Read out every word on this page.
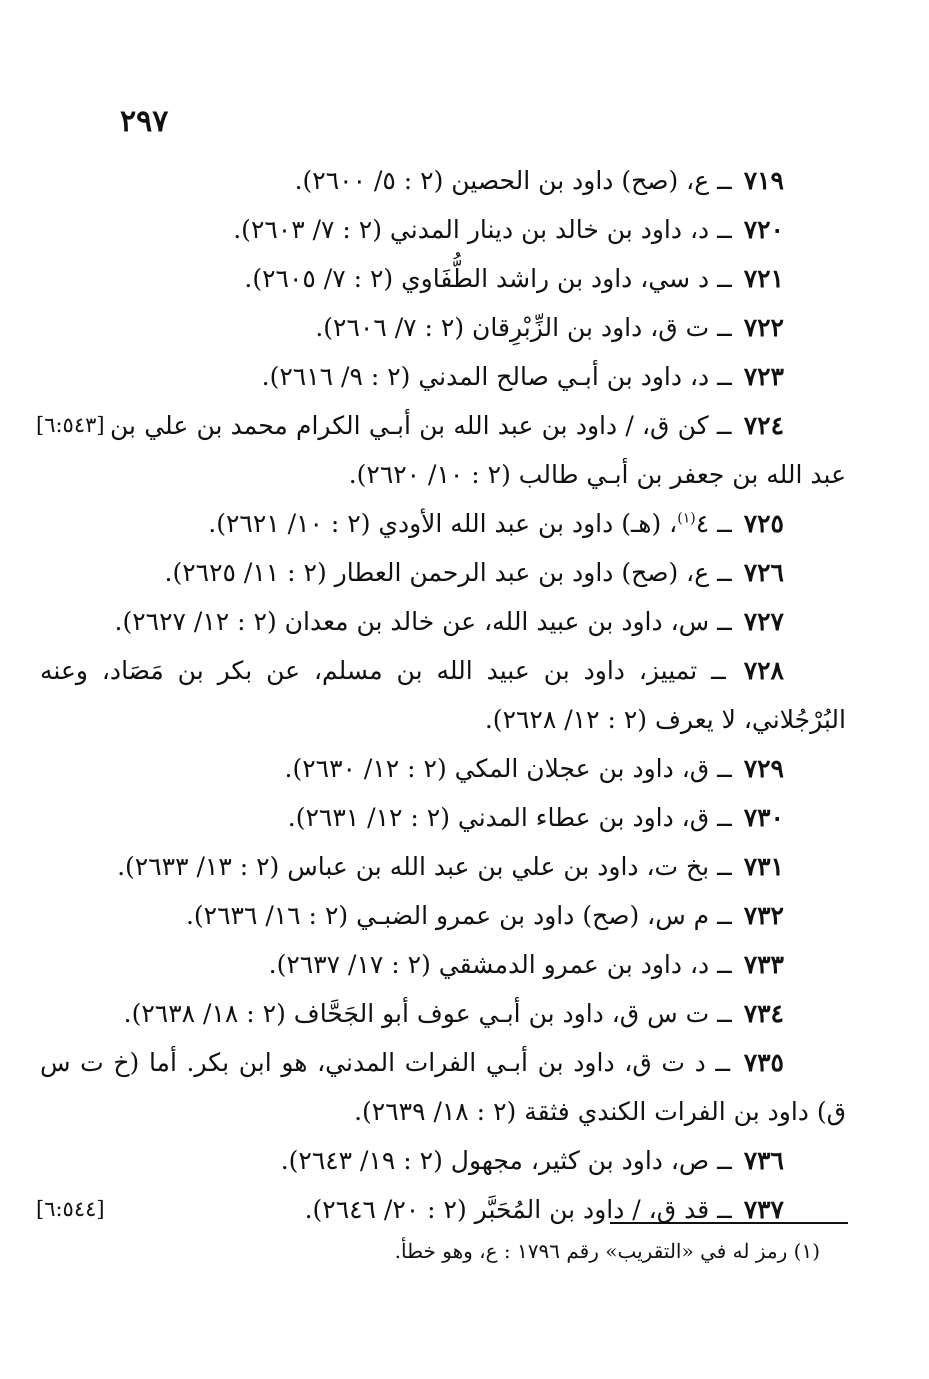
٢٩٧
٧١٩ ــ ع، (صح) داود بن الحصين (٢ : ٥/ ٢٦٠٠).
٧٢٠ ــ د، داود بن خالد بن دينار المدني (٢ : ٧/ ٢٦٠٣).
٧٢١ ــ د سي، داود بن راشد الطُّفَاوي (٢ : ٧/ ٢٦٠٥).
٧٢٢ ــ ت ق، داود بن الزِّبْرِقان (٢ : ٧/ ٢٦٠٦).
٧٢٣ ــ د، داود بن أبـي صالح المدني (٢ : ٩/ ٢٦١٦).
[٦:٥٤٣]	٧٢٤ ــ كن ق، / داود بن عبد الله بن أبـي الكرام محمد بن علي بن عبد الله بن جعفر بن أبـي طالب (٢ : ١٠/ ٢٦٢٠).
٧٢٥ ــ ٤$^{(١)}$، (هـ) داود بن عبد الله الأودي (٢ : ١٠/ ٢٦٢١).
٧٢٦ ــ ع، (صح) داود بن عبد الرحمن العطار (٢ : ١١/ ٢٦٢٥).
٧٢٧ ــ س، داود بن عبيد الله، عن خالد بن معدان (٢ : ١٢/ ٢٦٢٧).
٧٢٨ ــ تمييز، داود بن عبيد الله بن مسلم، عن بكر بن مَصَاد، وعنه البُرْجُلاني، لا يعرف (٢ : ١٢/ ٢٦٢٨).
٧٢٩ ــ ق، داود بن عجلان المكي (٢ : ١٢/ ٢٦٣٠).
٧٣٠ ــ ق، داود بن عطاء المدني (٢ : ١٢/ ٢٦٣١).
٧٣١ ــ بخ ت، داود بن علي بن عبد الله بن عباس (٢ : ١٣/ ٢٦٣٣).
٧٣٢ ــ م س، (صح) داود بن عمرو الضبـي (٢ : ١٦/ ٢٦٣٦).
٧٣٣ ــ د، داود بن عمرو الدمشقي (٢ : ١٧/ ٢٦٣٧).
٧٣٤ ــ ت س ق، داود بن أبـي عوف أبو الجَحَّاف (٢ : ١٨/ ٢٦٣٨).
٧٣٥ ــ د ت ق، داود بن أبـي الفرات المدني، هو ابن بكر. أما (خ ت س ق) داود بن الفرات الكندي فثقة (٢ : ١٨/ ٢٦٣٩).
٧٣٦ ــ ص، داود بن كثير، مجهول (٢ : ١٩/ ٢٦٤٣).
[٦:٥٤٤]	٧٣٧ ــ قد ق، / داود بن المُحَبَّر (٢ : ٢٠/ ٢٦٤٦).
(١) رمز له في «التقريب» رقم ١٧٩٦ : ع، وهو خطأ.
